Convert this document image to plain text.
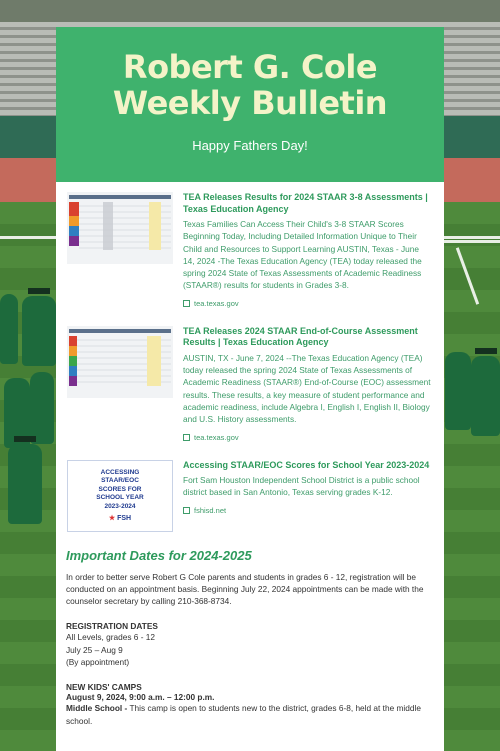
Robert G. Cole
Weekly Bulletin
Happy Fathers Day!
TEA Releases Results for 2024 STAAR 3-8 Assessments | Texas Education Agency
Texas Families Can Access Their Child's 3-8 STAAR Scores Beginning Today, Including Detailed Information Unique to Their Child and Resources to Support Learning AUSTIN, Texas - June 14, 2024 -The Texas Education Agency (TEA) today released the spring 2024 State of Texas Assessments of Academic Readiness (STAAR®) results for students in Grades 3-8.
tea.texas.gov
TEA Releases 2024 STAAR End-of-Course Assessment Results | Texas Education Agency
AUSTIN, TX - June 7, 2024 --The Texas Education Agency (TEA) today released the spring 2024 State of Texas Assessments of Academic Readiness (STAAR®) End-of-Course (EOC) assessment results. These results, a key measure of student performance and academic readiness, include Algebra I, English I, English II, Biology and U.S. History assessments.
tea.texas.gov
ACCESSING
STAAR/EOC
SCORES FOR
SCHOOL YEAR
2023-2024
★ FSH
Accessing STAAR/EOC Scores for School Year 2023-2024
Fort Sam Houston Independent School District is a public school district based in San Antonio, Texas serving grades K-12.
fshisd.net
Important Dates for 2024-2025
In order to better serve Robert G Cole parents and students in grades 6 - 12, registration will be conducted on an appointment basis. Beginning July 22, 2024 appointments can be made with the counselor secretary by calling 210-368-8734.
REGISTRATION DATES
All Levels, grades 6 - 12
July 25 – Aug 9
(By appointment)
NEW KIDS' CAMPS
August 9, 2024, 9:00 a.m. – 12:00 p.m.
Middle School - This camp is open to students new to the district, grades 6-8, held at the middle school.
